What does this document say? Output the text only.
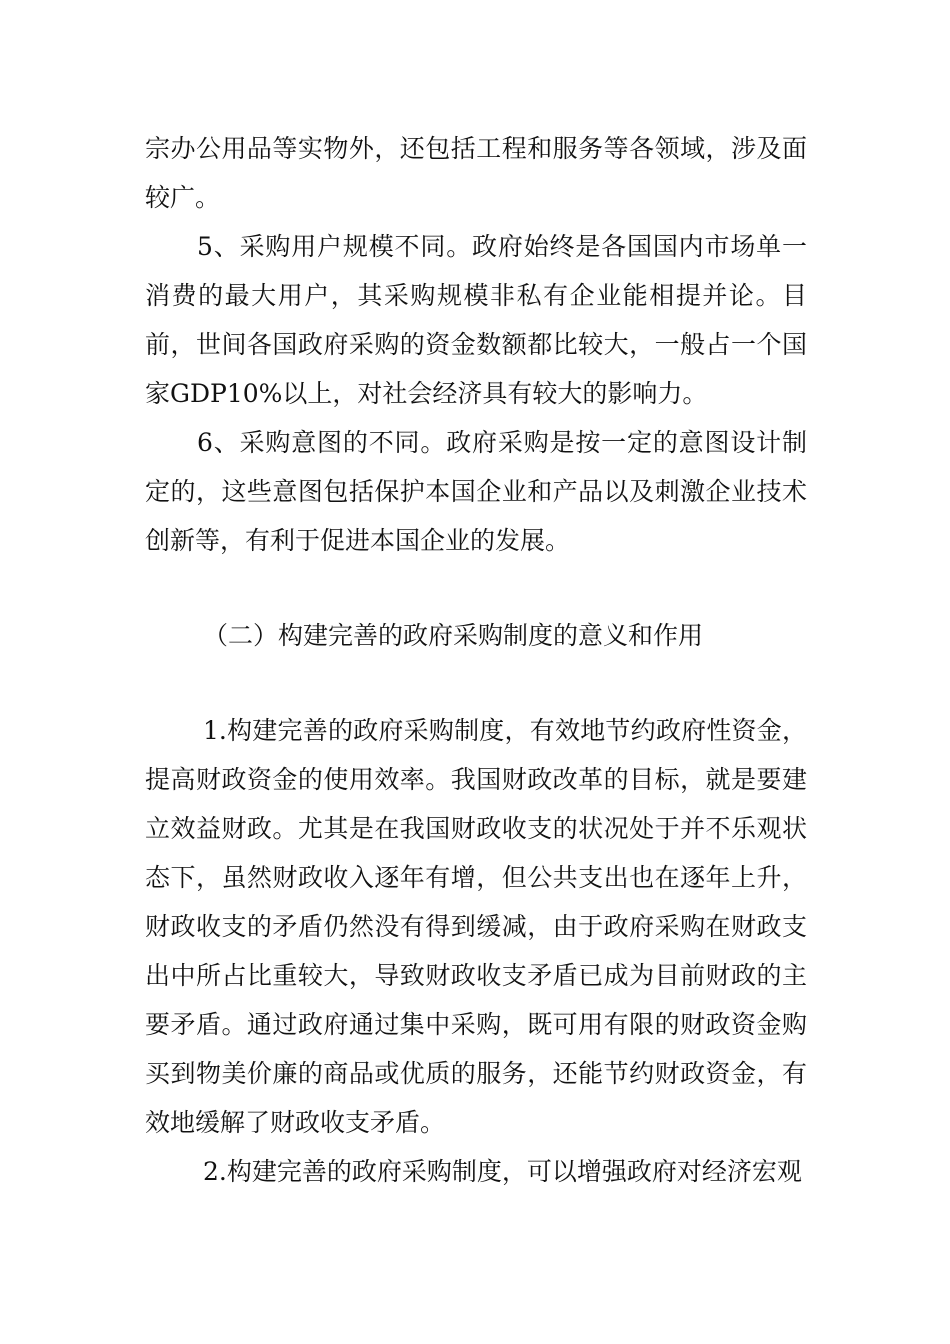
宗办公用品等实物外，还包括工程和服务等各领域，涉及面较广。

5、采购用户规模不同。政府始终是各国国内市场单一消费的最大用户，其采购规模非私有企业能相提并论。目前，世间各国政府采购的资金数额都比较大，一般占一个国家GDP10%以上，对社会经济具有较大的影响力。

6、采购意图的不同。政府采购是按一定的意图设计制定的，这些意图包括保护本国企业和产品以及刺激企业技术创新等，有利于促进本国企业的发展。

（二）构建完善的政府采购制度的意义和作用

1.构建完善的政府采购制度，有效地节约政府性资金，提高财政资金的使用效率。我国财政改革的目标，就是要建立效益财政。尤其是在我国财政收支的状况处于并不乐观状态下，虽然财政收入逐年有增，但公共支出也在逐年上升，财政收支的矛盾仍然没有得到缓减，由于政府采购在财政支出中所占比重较大，导致财政收支矛盾已成为目前财政的主要矛盾。通过政府通过集中采购，既可用有限的财政资金购买到物美价廉的商品或优质的服务，还能节约财政资金，有效地缓解了财政收支矛盾。

2.构建完善的政府采购制度，可以增强政府对经济宏观
